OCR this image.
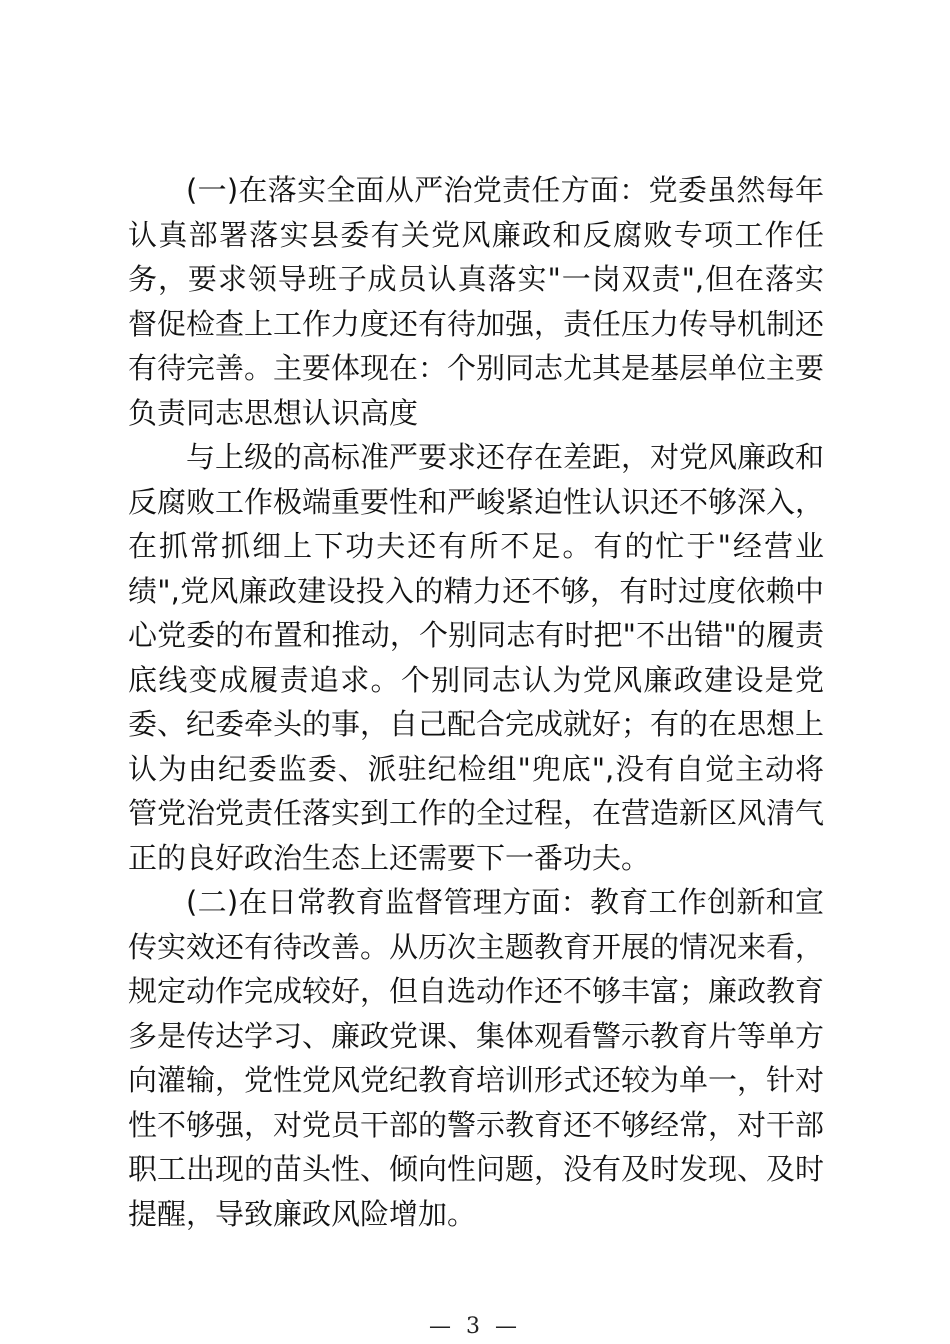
(一)在落实全面从严治党责任方面：党委虽然每年认真部署落实县委有关党风廉政和反腐败专项工作任务，要求领导班子成员认真落实"一岗双责",但在落实督促检查上工作力度还有待加强，责任压力传导机制还有待完善。主要体现在：个别同志尤其是基层单位主要负责同志思想认识高度

与上级的高标准严要求还存在差距，对党风廉政和反腐败工作极端重要性和严峻紧迫性认识还不够深入，在抓常抓细上下功夫还有所不足。有的忙于"经营业绩",党风廉政建设投入的精力还不够，有时过度依赖中心党委的布置和推动，个别同志有时把"不出错"的履责底线变成履责追求。个别同志认为党风廉政建设是党委、纪委牵头的事，自己配合完成就好；有的在思想上认为由纪委监委、派驻纪检组"兜底",没有自觉主动将管党治党责任落实到工作的全过程，在营造新区风清气正的良好政治生态上还需要下一番功夫。

(二)在日常教育监督管理方面：教育工作创新和宣传实效还有待改善。从历次主题教育开展的情况来看，规定动作完成较好，但自选动作还不够丰富；廉政教育多是传达学习、廉政党课、集体观看警示教育片等单方向灌输，党性党风党纪教育培训形式还较为单一，针对性不够强，对党员干部的警示教育还不够经常，对干部职工出现的苗头性、倾向性问题，没有及时发现、及时提醒，导致廉政风险增加。

— 3 —
